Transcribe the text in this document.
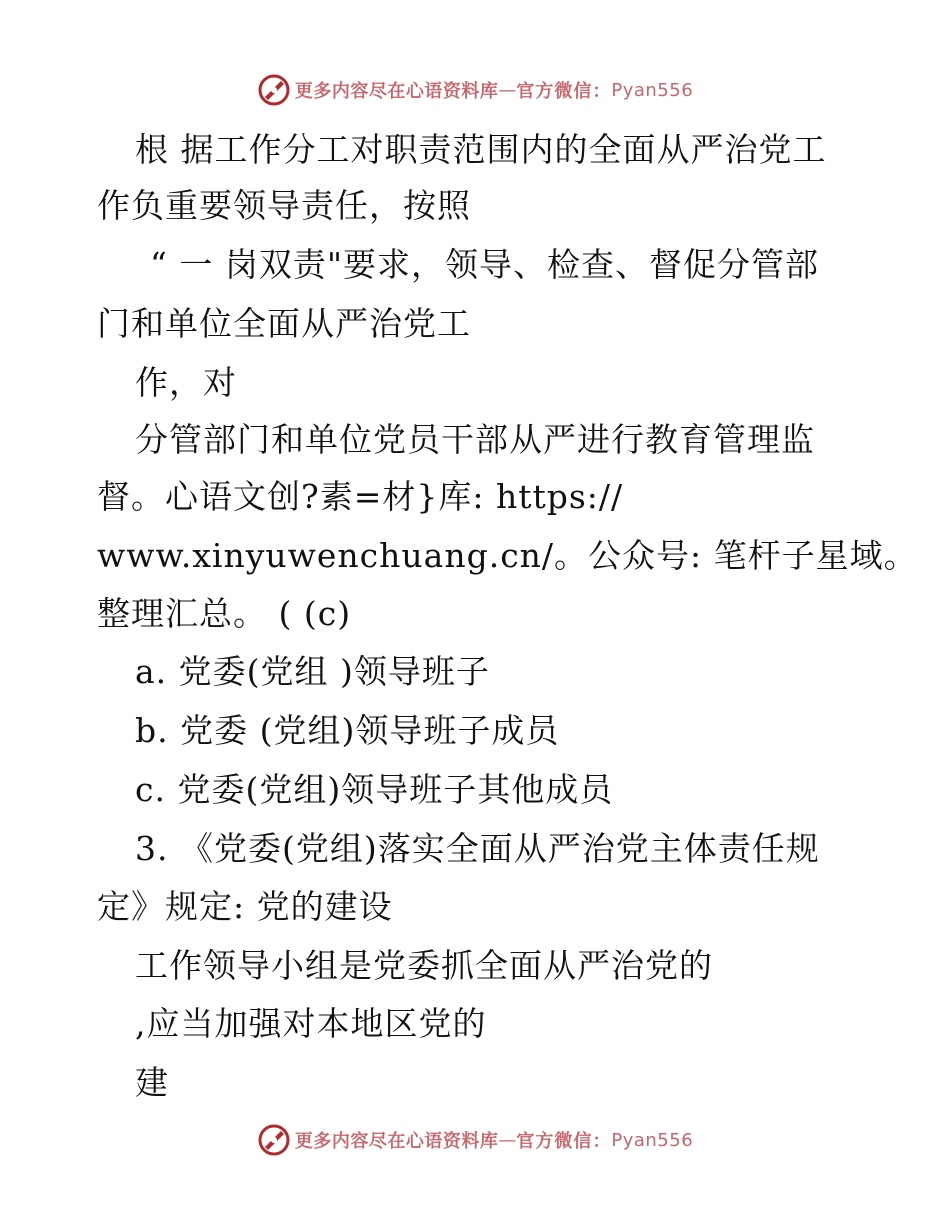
更多内容尽在心语资料库 — 官方微信： Pyan556
根 据工作分工对职责范围内的全面从严治党工
作负重要领导责任，按照
“ 一 岗双责"要求，领导、检查、督促分管部
门和单位全面从严治党工
作，对
分管部门和单位党员干部从严进行教育管理监
督。心语文创?素=材}库: https://
www.xinyuwenchuang.cn/。公众号: 笔杆子星域。
整理汇总。 ( (c)
a. 党委(党组 )领导班子
b. 党委 (党组)领导班子成员
c. 党委(党组)领导班子其他成员
3. 《党委(党组)落实全面从严治党主体责任规
定》规定: 党的建设
工作领导小组是党委抓全面从严治党的
,应当加强对本地区党的
建
更多内容尽在心语资料库 — 官方微信： Pyan556
